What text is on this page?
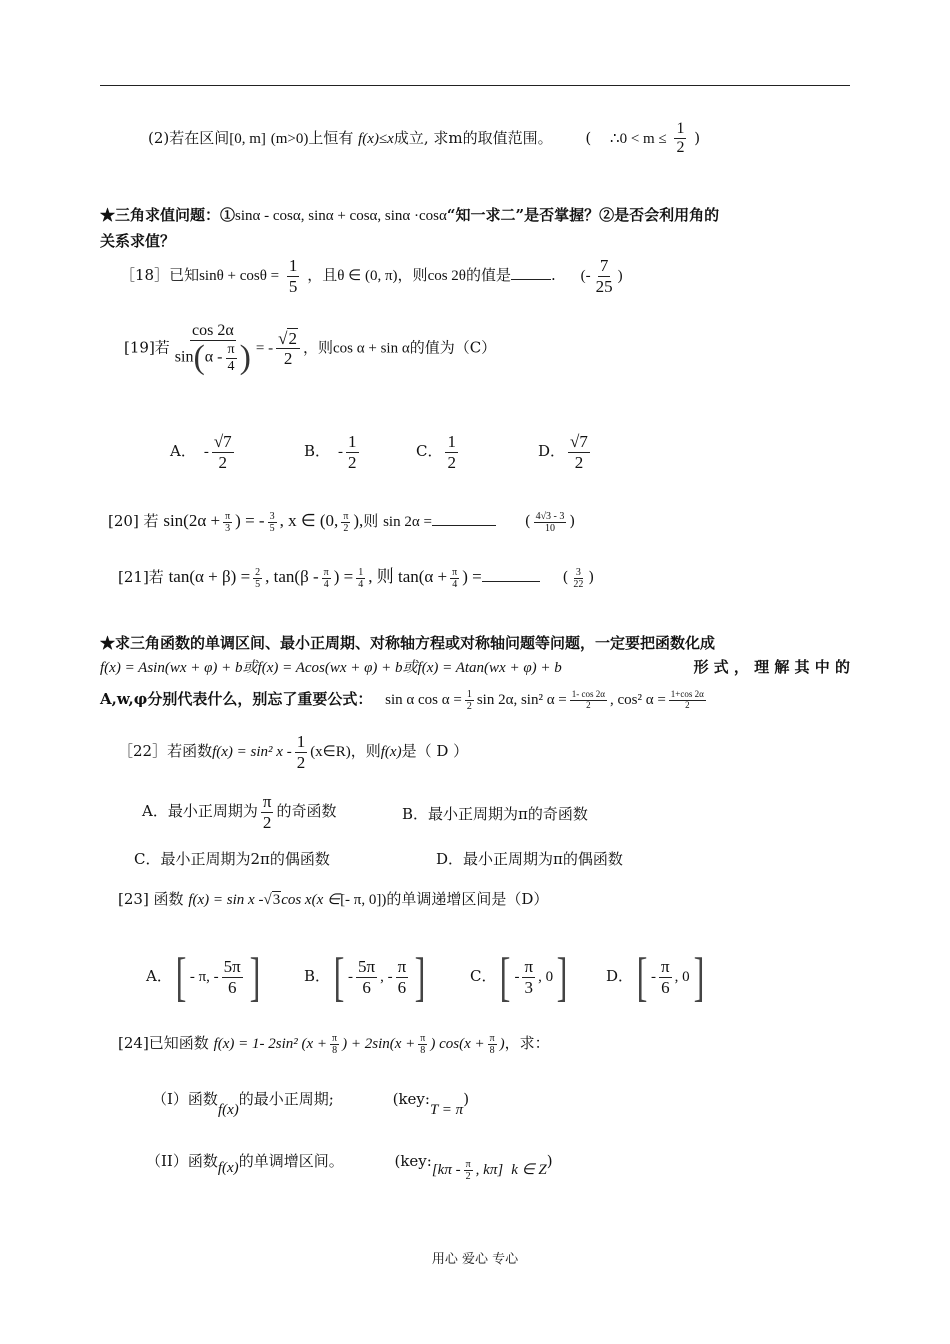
(2)若在区间[0, m] (m>0)上恒有 f(x)≤x成立, 求m的取值范围。 ( ∴0 < $m \le \frac{1}{2}$ )
★三角求值问题：①sinα - cosα, sinα + cosα, sinα ·cosα“知一求二”是否掌握？②是否会利用角的
关系求值？
［18］已知$\sin\theta + \cos\theta = \frac{1}{5}$ ，且θ ∈ (0, π)，则cos 2θ的值是	. (- $\frac{7}{25}$ )
[19]若 $\frac{\cos 2\alpha}{\sin(\alpha - \frac{\pi}{4} )}$ = - $\frac{√2}{2}$ ，则cos α + sin α的值为（C）
A． - $\frac{√7}{2}$	B． - $\frac{1}{2}$	C． $\frac{1}{2}$	D． $\frac{√7}{2}$
[20] 若 $\sin(2\alpha + \frac{\pi}{3}$ ) = - $\frac{3}{5}$ , x ∈ (0, $\frac{\pi}{2}$ ),则 sin 2α =	( $\frac{4√3 - 3}{10}$ )
[21]若 $\tan(\alpha + \beta) = \frac{2}{5}$ , $\tan(\beta - \frac{\pi}{4}$ ) = $\frac{1}{4}$ , 则 $\tan(\alpha + \frac{\pi}{4}$ ) =	( $\frac{3}{22}$ )
★求三角函数的单调区间、最小正周期、对称轴方程或对称轴问题等问题，一定要把函数化成
f(x) = Asin(wx + φ) + b或f(x) = Acos(wx + φ) + b或f(x) = Atan(wx + φ) + b	形 式 ， 理 解 其 中 的
A,w,φ分别代表什么，别忘了重要公式： sin α $\cos \alpha = \frac{1}{2}$ sin 2α, sin² $\alpha = \frac{1- \cos 2\alpha}{2}$ , cos² $\alpha = \frac{1+\cos 2\alpha}{2}$
［22］若函数f(x) = sin² x - $\frac{1}{2}$ (x∈R)，则f(x)是（ D ）
A．最小正周期为 $\frac{\pi}{2}$ 的奇函数	B．最小正周期为π的奇函数
C．最小正周期为2π的偶函数	D．最小正周期为π的偶函数
[23] 函数 f(x) = sin x -√3cos x(x ∈[- π, 0])的单调递增区间是（D）
A．[ - π, - $\frac{5\pi}{6}$ ]	B．[ - $\frac{5\pi}{6}$ , - $\frac{\pi}{6}$ ]	C．[ - $\frac{\pi}{3}$ , 0]	D．[ - $\frac{\pi}{6}$ , 0]
[24]已知函数 f(x) = 1- 2sin² ($x + \frac{\pi}{8}$ ) + $2\sin(x + \frac{\pi}{8}$ ) $\cos(x + \frac{\pi}{8}$ )，求：
（I）函数f(x)的最小正周期;	(key:T = π)
（II）函数f(x)的单调增区间。	(key:[kπ - $\frac{\pi}{2}$ , kπ] k ∈ Z)
用心 爱心 专心
